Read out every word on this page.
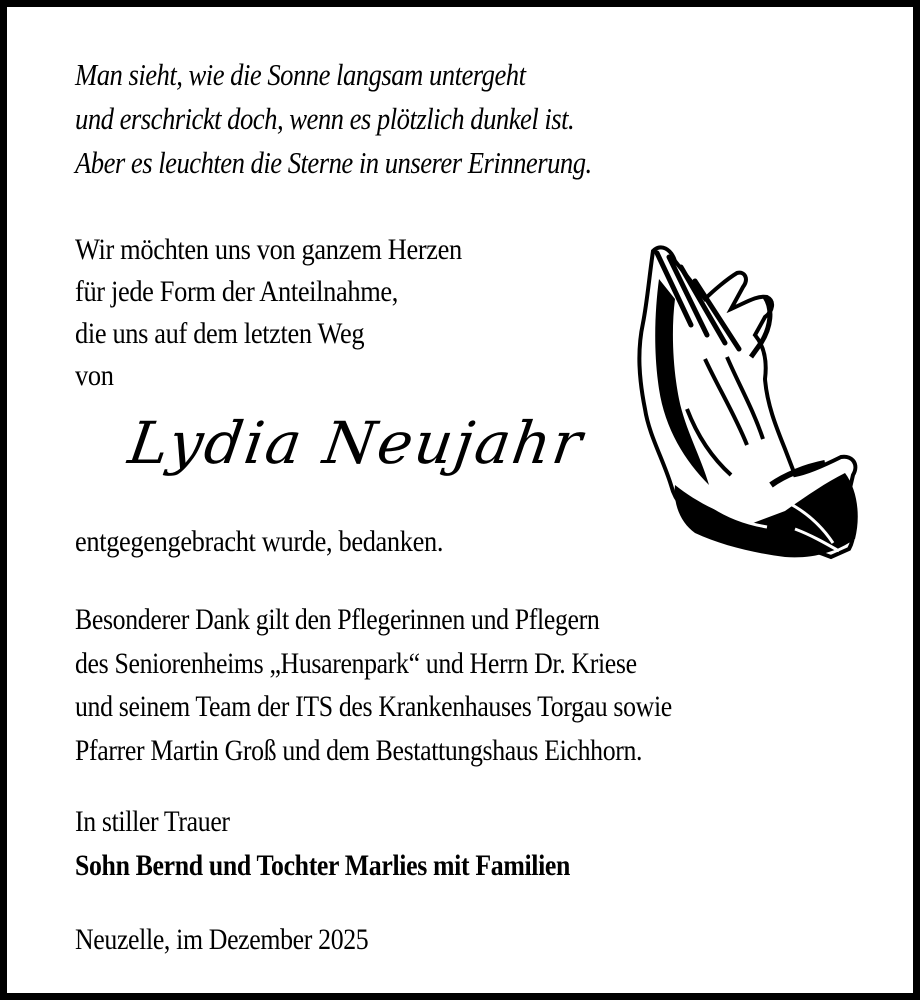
Man sieht, wie die Sonne langsam untergeht
und erschrickt doch, wenn es plötzlich dunkel ist.
Aber es leuchten die Sterne in unserer Erinnerung.
Wir möchten uns von ganzem Herzen
für jede Form der Anteilnahme,
die uns auf dem letzten Weg
von
Lydia Neujahr
entgegengebracht wurde, bedanken.
Besonderer Dank gilt den Pflegerinnen und Pflegern
des Seniorenheims „Husarenpark“ und Herrn Dr. Kriese
und seinem Team der ITS des Krankenhauses Torgau sowie
Pfarrer Martin Groß und dem Bestattungshaus Eichhorn.
In stiller Trauer
Sohn Bernd und Tochter Marlies mit Familien
Neuzelle, im Dezember 2025
